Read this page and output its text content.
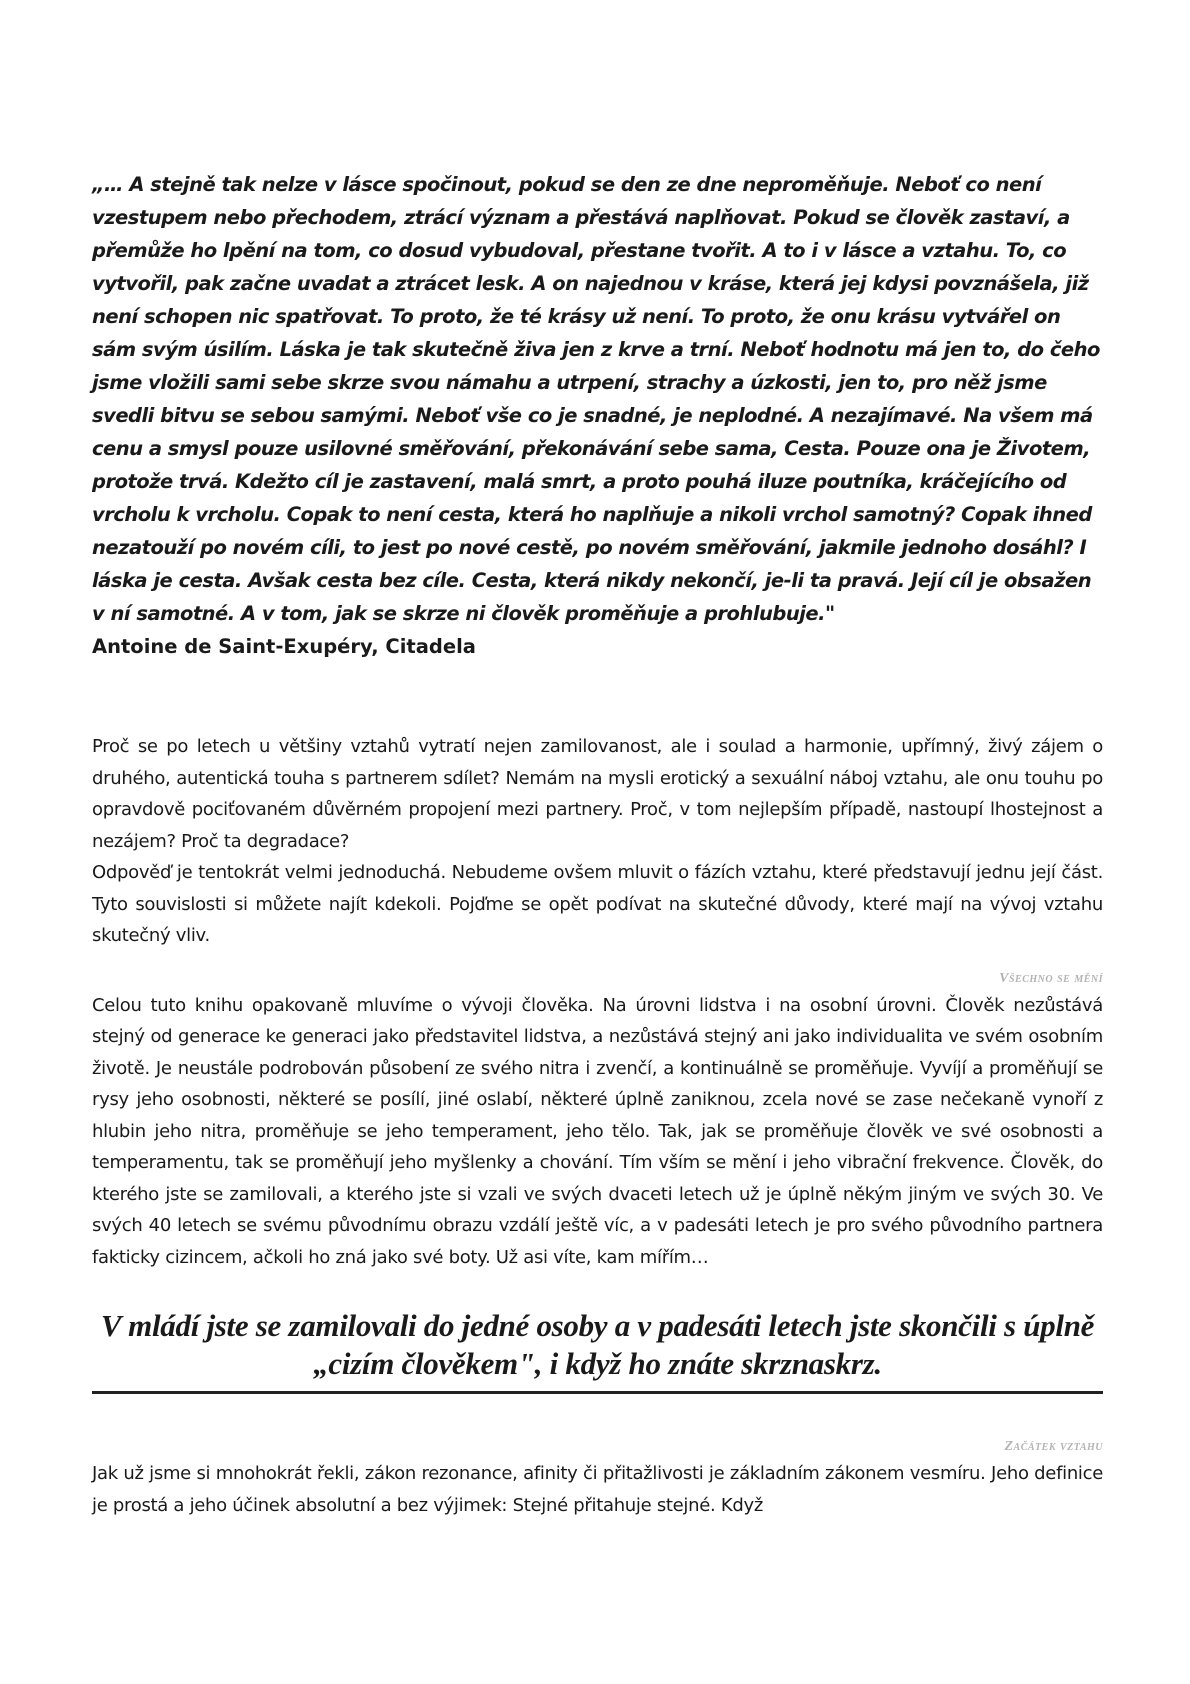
„… A stejně tak nelze v lásce spočinout, pokud se den ze dne neproměňuje. Neboť co není vzestupem nebo přechodem, ztrácí význam a přestává naplňovat. Pokud se člověk zastaví, a přemůže ho lpění na tom, co dosud vybudoval, přestane tvořit. A to i v lásce a vztahu. To, co vytvořil, pak začne uvadat a ztrácet lesk. A on najednou v kráse, která jej kdysi povznášela, již není schopen nic spatřovat. To proto, že té krásy už není. To proto, že onu krásu vytvářel on sám svým úsilím. Láska je tak skutečně živa jen z krve a trní. Neboť hodnotu má jen to, do čeho jsme vložili sami sebe skrze svou námahu a utrpení, strachy a úzkosti, jen to, pro něž jsme svedli bitvu se sebou samými. Neboť vše co je snadné, je neplodné. A nezajímavé. Na všem má cenu a smysl pouze usilovné směřování, překonávání sebe sama, Cesta. Pouze ona je Životem, protože trvá. Kdežto cíl je zastavení, malá smrt, a proto pouhá iluze poutníka, kráčejícího od vrcholu k vrcholu. Copak to není cesta, která ho naplňuje a nikoli vrchol samotný? Copak ihned nezatouží po novém cíli, to jest po nové cestě, po novém směřování, jakmile jednoho dosáhl? I láska je cesta. Avšak cesta bez cíle. Cesta, která nikdy nekončí, je-li ta pravá. Její cíl je obsažen v ní samotné. A v tom, jak se skrze ni člověk proměňuje a prohlubuje."

Antoine de Saint-Exupéry, Citadela

Proč se po letech u většiny vztahů vytratí nejen zamilovanost, ale i soulad a harmonie, upřímný, živý zájem o druhého, autentická touha s partnerem sdílet? Nemám na mysli erotický a sexuální náboj vztahu, ale onu touhu po opravdově pociťovaném důvěrném propojení mezi partnery. Proč, v tom nejlepším případě, nastoupí lhostejnost a nezájem? Proč ta degradace?

Odpověď je tentokrát velmi jednoduchá. Nebudeme ovšem mluvit o fázích vztahu, které představují jednu její část. Tyto souvislosti si můžete najít kdekoli. Pojďme se opět podívat na skutečné důvody, které mají na vývoj vztahu skutečný vliv.

Všechno se mění

Celou tuto knihu opakovaně mluvíme o vývoji člověka. Na úrovni lidstva i na osobní úrovni. Člověk nezůstává stejný od generace ke generaci jako představitel lidstva, a nezůstává stejný ani jako individualita ve svém osobním životě. Je neustále podrobován působení ze svého nitra i zvenčí, a kontinuálně se proměňuje. Vyvíjí a proměňují se rysy jeho osobnosti, některé se posílí, jiné oslabí, některé úplně zaniknou, zcela nové se zase nečekaně vynoří z hlubin jeho nitra, proměňuje se jeho temperament, jeho tělo. Tak, jak se proměňuje člověk ve své osobnosti a temperamentu, tak se proměňují jeho myšlenky a chování. Tím vším se mění i jeho vibrační frekvence. Člověk, do kterého jste se zamilovali, a kterého jste si vzali ve svých dvaceti letech už je úplně někým jiným ve svých 30. Ve svých 40 letech se svému původnímu obrazu vzdálí ještě víc, a v padesáti letech je pro svého původního partnera fakticky cizincem, ačkoli ho zná jako své boty. Už asi víte, kam mířím…

V mládí jste se zamilovali do jedné osoby a v padesáti letech jste skončili s úplně „cizím člověkem", i když ho znáte skrznaskrz.

Začátek vztahu

Jak už jsme si mnohokrát řekli, zákon rezonance, afinity či přitažlivosti je základním zákonem vesmíru. Jeho definice je prostá a jeho účinek absolutní a bez výjimek: Stejné přitahuje stejné. Když
